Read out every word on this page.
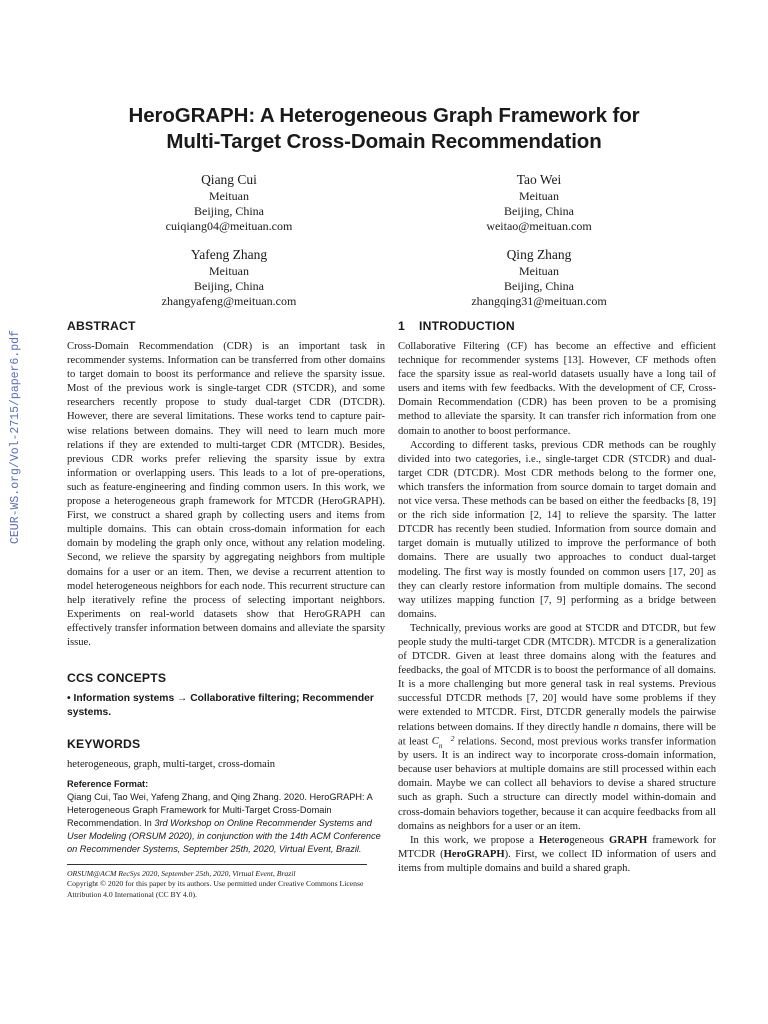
CEUR-WS.org/Vol-2715/paper6.pdf
HeroGRAPH: A Heterogeneous Graph Framework for
Multi-Target Cross-Domain Recommendation
Qiang Cui
Meituan
Beijing, China
cuiqiang04@meituan.com
Tao Wei
Meituan
Beijing, China
weitao@meituan.com
Yafeng Zhang
Meituan
Beijing, China
zhangyafeng@meituan.com
Qing Zhang
Meituan
Beijing, China
zhangqing31@meituan.com
ABSTRACT

Cross-Domain Recommendation (CDR) is an important task in recommender systems. Information can be transferred from other domains to target domain to boost its performance and relieve the sparsity issue. Most of the previous work is single-target CDR (STCDR), and some researchers recently propose to study dual-target CDR (DTCDR). However, there are several limitations. These works tend to capture pair-wise relations between domains. They will need to learn much more relations if they are extended to multi-target CDR (MTCDR). Besides, previous CDR works prefer relieving the sparsity issue by extra information or overlapping users. This leads to a lot of pre-operations, such as feature-engineering and finding common users. In this work, we propose a heterogeneous graph framework for MTCDR (HeroGRAPH). First, we construct a shared graph by collecting users and items from multiple domains. This can obtain cross-domain information for each domain by modeling the graph only once, without any relation modeling. Second, we relieve the sparsity by aggregating neighbors from multiple domains for a user or an item. Then, we devise a recurrent attention to model heterogeneous neighbors for each node. This recurrent structure can help iteratively refine the process of selecting important neighbors. Experiments on real-world datasets show that HeroGRAPH can effectively transfer information between domains and alleviate the sparsity issue.

CCS CONCEPTS
• Information systems → Collaborative filtering; Recommender systems.
KEYWORDS

heterogeneous, graph, multi-target, cross-domain

Reference Format:
Qiang Cui, Tao Wei, Yafeng Zhang, and Qing Zhang. 2020. HeroGRAPH: A Heterogeneous Graph Framework for Multi-Target Cross-Domain Recommendation. In 3rd Workshop on Online Recommender Systems and User Modeling (ORSUM 2020), in conjunction with the 14th ACM Conference on Recommender Systems, September 25th, 2020, Virtual Event, Brazil.
ORSUM@ACM RecSys 2020, September 25th, 2020, Virtual Event, Brazil
Copyright © 2020 for this paper by its authors. Use permitted under Creative Commons License Attribution 4.0 International (CC BY 4.0).
1 INTRODUCTION

Collaborative Filtering (CF) has become an effective and efficient technique for recommender systems [13]. However, CF methods often face the sparsity issue as real-world datasets usually have a long tail of users and items with few feedbacks. With the development of CF, Cross-Domain Recommendation (CDR) has been proven to be a promising method to alleviate the sparsity. It can transfer rich information from one domain to another to boost performance.

According to different tasks, previous CDR methods can be roughly divided into two categories, i.e., single-target CDR (STCDR) and dual-target CDR (DTCDR). Most CDR methods belong to the former one, which transfers the information from source domain to target domain and not vice versa. These methods can be based on either the feedbacks [8, 19] or the rich side information [2, 14] to relieve the sparsity. The latter DTCDR has recently been studied. Information from source domain and target domain is mutually utilized to improve the performance of both domains. There are usually two approaches to conduct dual-target modeling. The first way is mostly founded on common users [17, 20] as they can clearly restore information from multiple domains. The second way utilizes mapping function [7, 9] performing as a bridge between domains.

Technically, previous works are good at STCDR and DTCDR, but few people study the multi-target CDR (MTCDR). MTCDR is a generalization of DTCDR. Given at least three domains along with the features and feedbacks, the goal of MTCDR is to boost the performance of all domains. It is a more challenging but more general task in real systems. Previous successful DTCDR methods [7, 20] would have some problems if they were extended to MTCDR. First, DTCDR generally models the pairwise relations between domains. If they directly handle n domains, there will be at least C 2
n relations. Second, most previous works transfer information by users. It is an indirect way to incorporate cross-domain information, because user behaviors at multiple domains are still processed within each domain. Maybe we can collect all behaviors to devise a shared structure such as graph. Such a structure can directly model within-domain and cross-domain behaviors together, because it can acquire feedbacks from all domains as neighbors for a user or an item.

In this work, we propose a Heterogeneous GRAPH framework for MTCDR (HeroGRAPH). First, we collect ID information of users and items from multiple domains and build a shared graph.
